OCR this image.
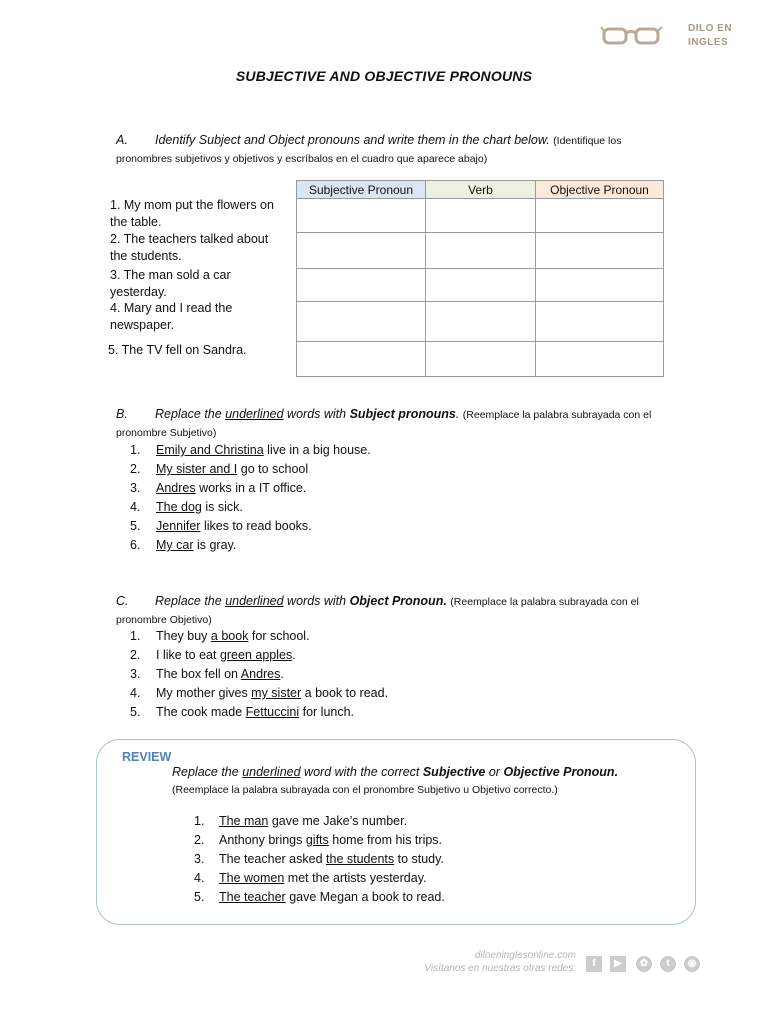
DILO EN
INGLES
SUBJECTIVE AND OBJECTIVE PRONOUNS
A. Identify Subject and Object pronouns and write them in the chart below. (Identifique los pronombres subjetivos y objetivos y escríbalos en el cuadro que aparece abajo)
1. My mom put the flowers on the table.
2. The teachers talked about the students.
3. The man sold a car yesterday.
4. Mary and I read the newspaper.
5. The TV fell on Sandra.
Subjective Pronoun	Verb	Objective Pronoun

B. Replace the underlined words with Subject pronouns. (Reemplace la palabra subrayada con el pronombre Subjetivo)
1. Emily and Christina live in a big house.
2. My sister and I go to school
3. Andres works in a IT office.
4. The dog is sick.
5. Jennifer likes to read books.
6. My car is gray.
C. Replace the underlined words with Object Pronoun. (Reemplace la palabra subrayada con el pronombre Objetivo)
1. They buy a book for school.
2. I like to eat green apples.
3. The box fell on Andres.
4. My mother gives my sister a book to read.
5. The cook made Fettuccini for lunch.
REVIEW
Replace the underlined word with the correct Subjective or Objective Pronoun.
(Reemplace la palabra subrayada con el pronombre Subjetivo u Objetivo correcto.)
1. The man gave me Jake’s number.
2. Anthony brings gifts home from his trips.
3. The teacher asked the students to study.
4. The women met the artists yesterday.
5. The teacher gave Megan a book to read.
diloeninglesonline.com
Visítanos en nuestras otras redes:	f	▶	✿	t	◉
